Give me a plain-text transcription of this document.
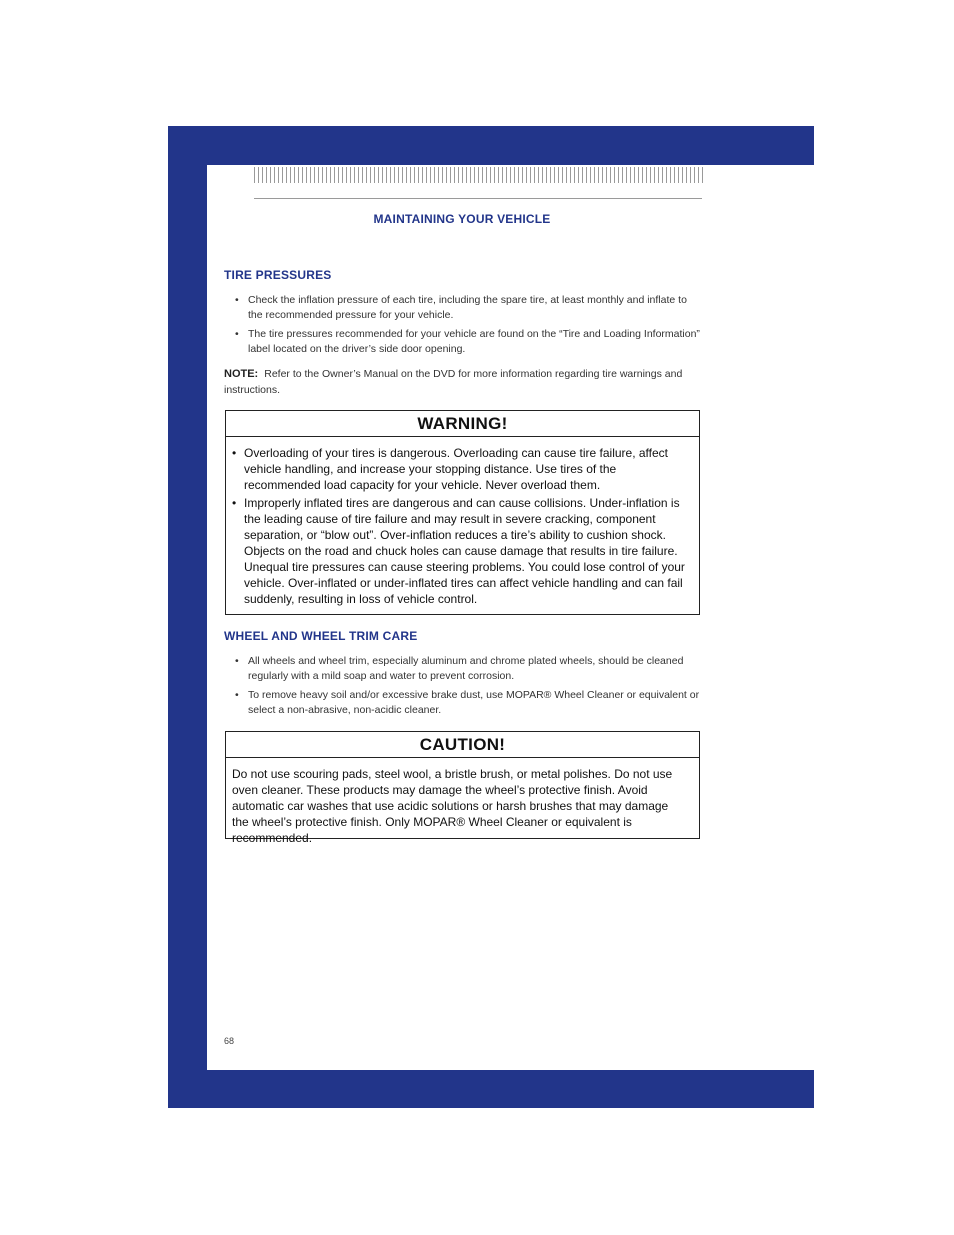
MAINTAINING YOUR VEHICLE
TIRE PRESSURES
• Check the inflation pressure of each tire, including the spare tire, at least monthly and inflate to the recommended pressure for your vehicle.
• The tire pressures recommended for your vehicle are found on the “Tire and Loading Information” label located on the driver’s side door opening.
NOTE: Refer to the Owner’s Manual on the DVD for more information regarding tire warnings and instructions.
WARNING!
• Overloading of your tires is dangerous. Overloading can cause tire failure, affect vehicle handling, and increase your stopping distance. Use tires of the recommended load capacity for your vehicle. Never overload them.
• Improperly inflated tires are dangerous and can cause collisions. Under-inflation is the leading cause of tire failure and may result in severe cracking, component separation, or “blow out”. Over-inflation reduces a tire’s ability to cushion shock. Objects on the road and chuck holes can cause damage that results in tire failure. Unequal tire pressures can cause steering problems. You could lose control of your vehicle. Over-inflated or under-inflated tires can affect vehicle handling and can fail suddenly, resulting in loss of vehicle control.
WHEEL AND WHEEL TRIM CARE
• All wheels and wheel trim, especially aluminum and chrome plated wheels, should be cleaned regularly with a mild soap and water to prevent corrosion.
• To remove heavy soil and/or excessive brake dust, use MOPAR® Wheel Cleaner or equivalent or select a non-abrasive, non-acidic cleaner.
CAUTION!

Do not use scouring pads, steel wool, a bristle brush, or metal polishes. Do not use oven cleaner. These products may damage the wheel’s protective finish. Avoid automatic car washes that use acidic solutions or harsh brushes that may damage the wheel’s protective finish. Only MOPAR® Wheel Cleaner or equivalent is recommended.

68
